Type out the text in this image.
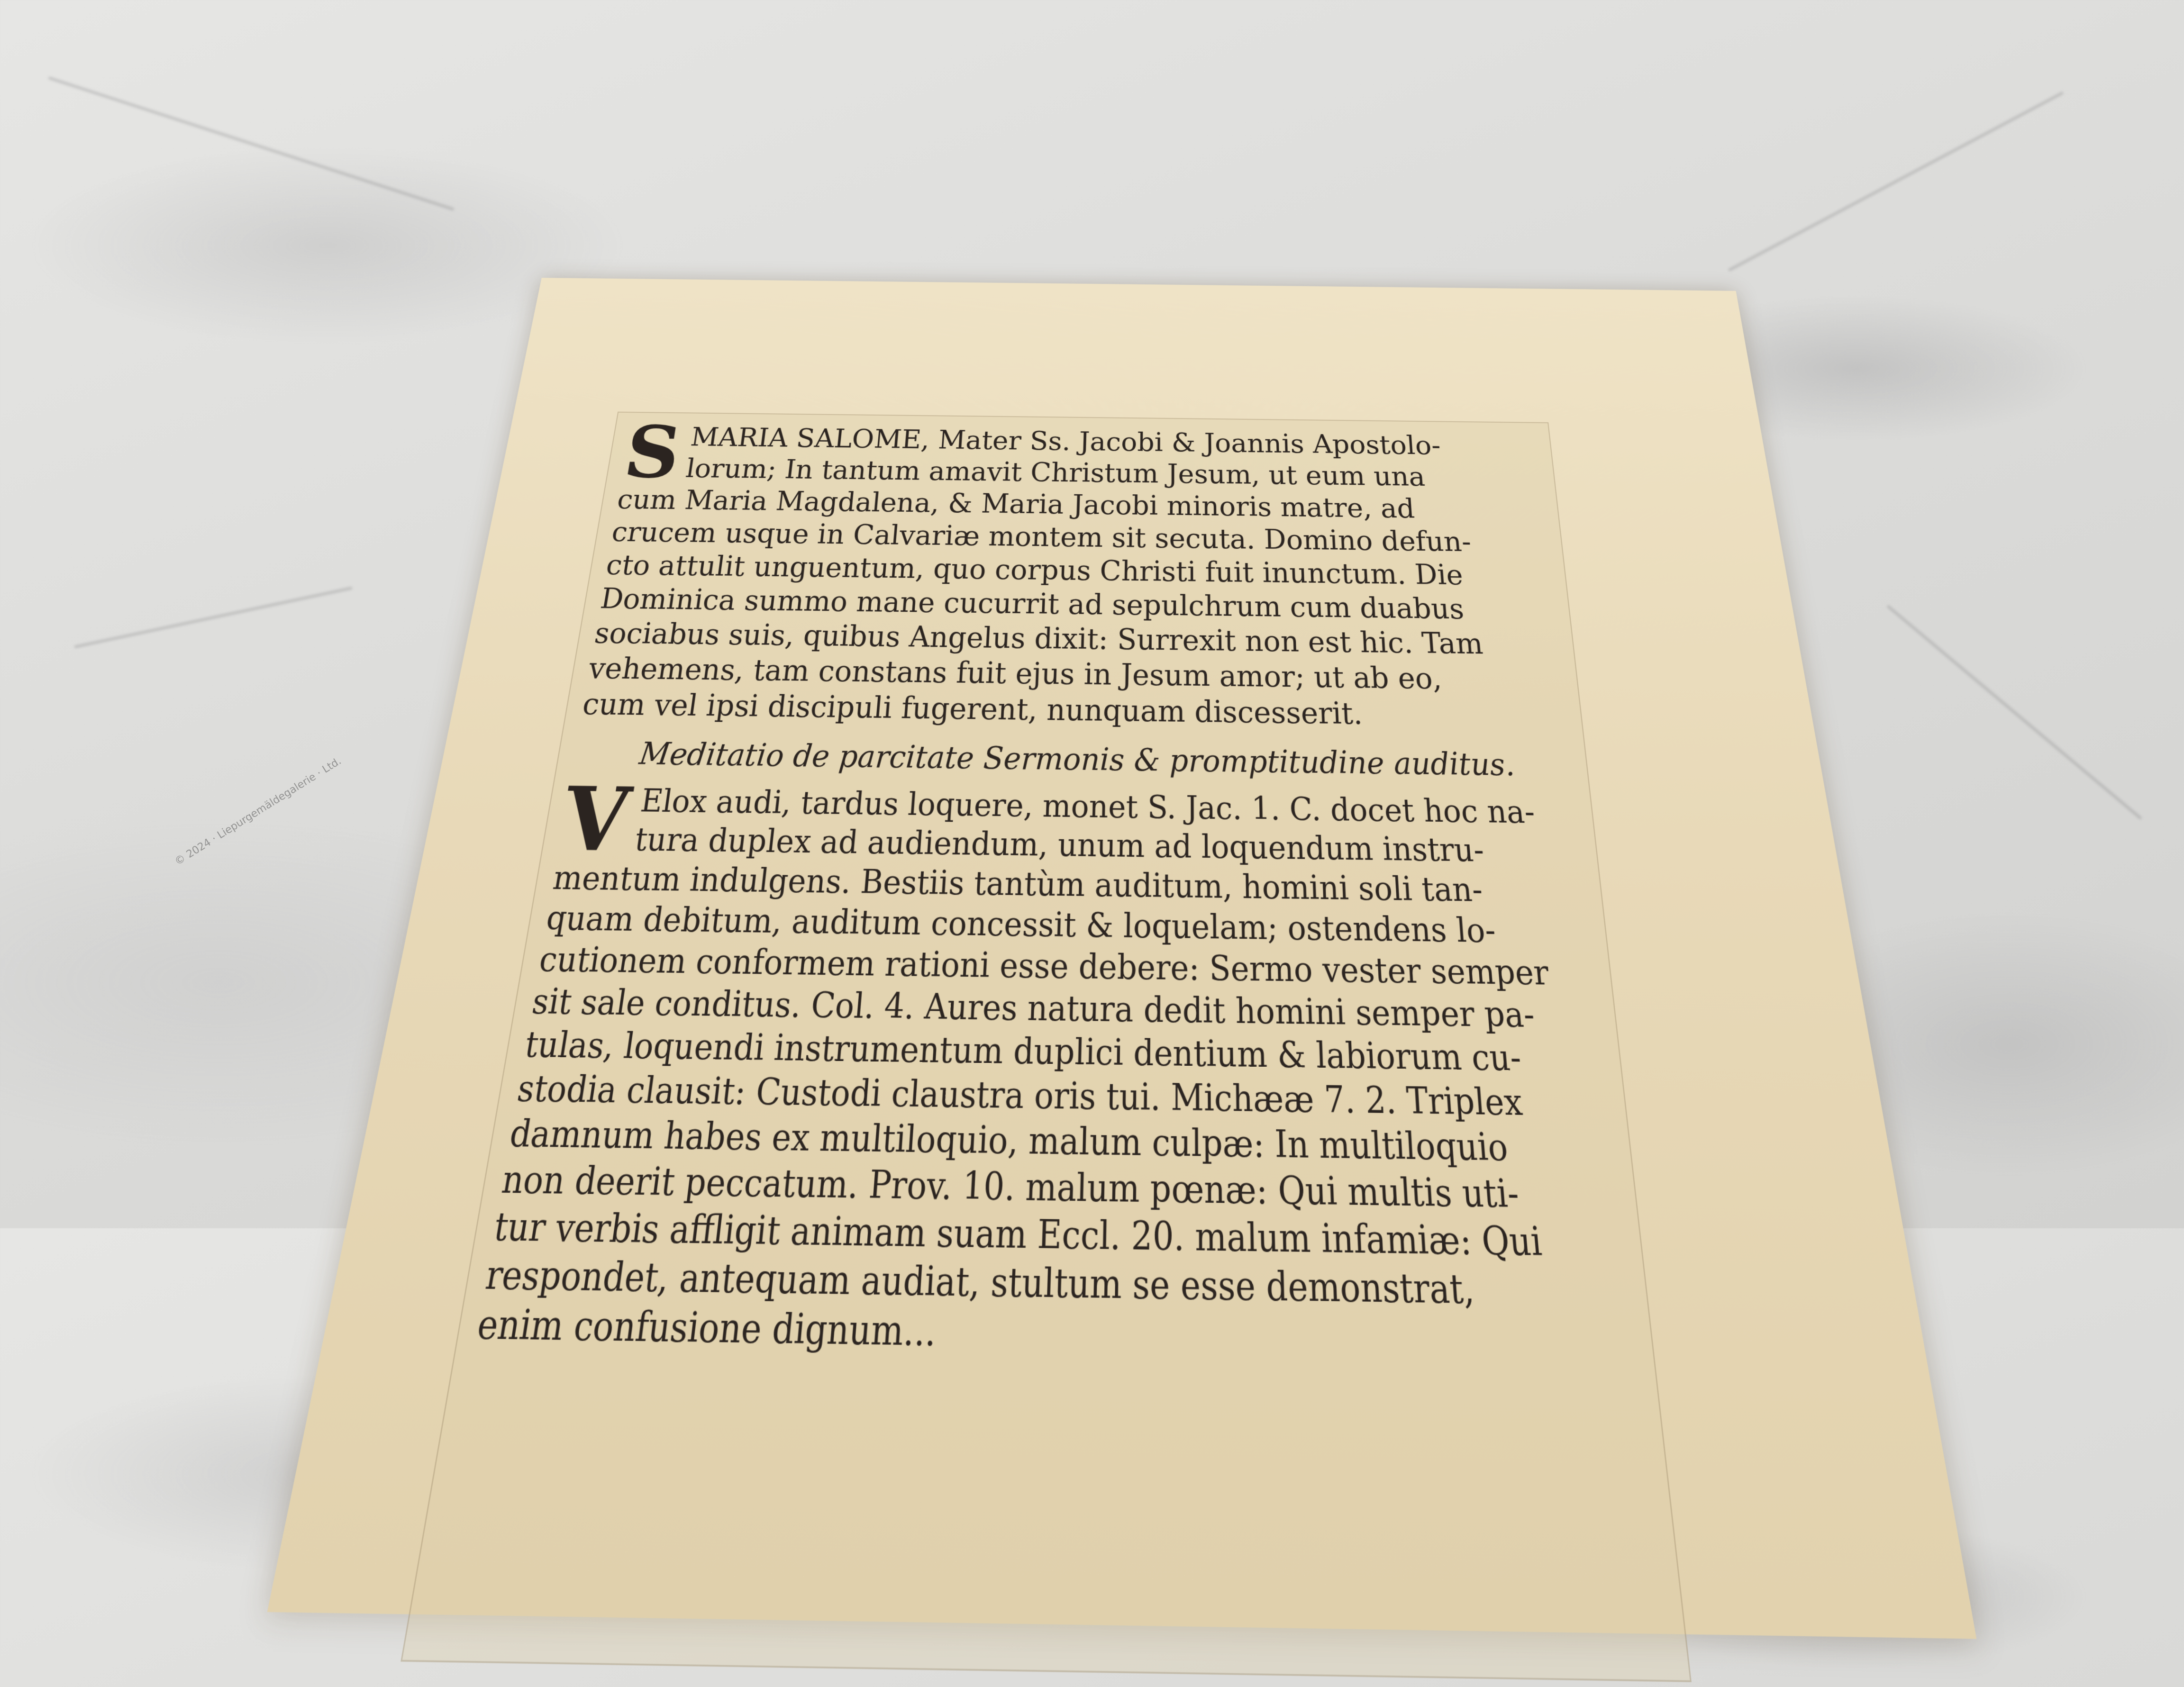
© 2024 · Liepurgemäldegalerie · Ltd.
S MARIA SALOME, Mater Ss. Jacobi & Joannis Apostolo-
lorum; In tantum amavit Christum Jesum, ut eum una
cum Maria Magdalena, & Maria Jacobi minoris matre, ad
crucem usque in Calvariæ montem sit secuta. Domino defun-
cto attulit unguentum, quo corpus Christi fuit inunctum. Die
Dominica summo mane cucurrit ad sepulchrum cum duabus
sociabus suis, quibus Angelus dixit: Surrexit non est hic. Tam
vehemens, tam constans fuit ejus in Jesum amor; ut ab eo,
cum vel ipsi discipuli fugerent, nunquam discesserit.
Meditatio de parcitate Sermonis & promptitudine auditus.
V Elox audi, tardus loquere, monet S. Jac. 1. C. docet hoc na-
tura duplex ad audiendum, unum ad loquendum instru-
mentum indulgens. Bestiis tantùm auditum, homini soli tan-
quam debitum, auditum concessit & loquelam; ostendens lo-
cutionem conformem rationi esse debere: Sermo vester semper
sit sale conditus. Col. 4. Aures natura dedit homini semper pa-
tulas, loquendi instrumentum duplici dentium & labiorum cu-
stodia clausit: Custodi claustra oris tui. Michææ 7. 2. Triplex
damnum habes ex multiloquio, malum culpæ: In multiloquio
non deerit peccatum. Prov. 10. malum pœnæ: Qui multis uti-
tur verbis affligit animam suam Eccl. 20. malum infamiæ: Qui
respondet, antequam audiat, stultum se esse demonstrat,
enim confusione dignum...
